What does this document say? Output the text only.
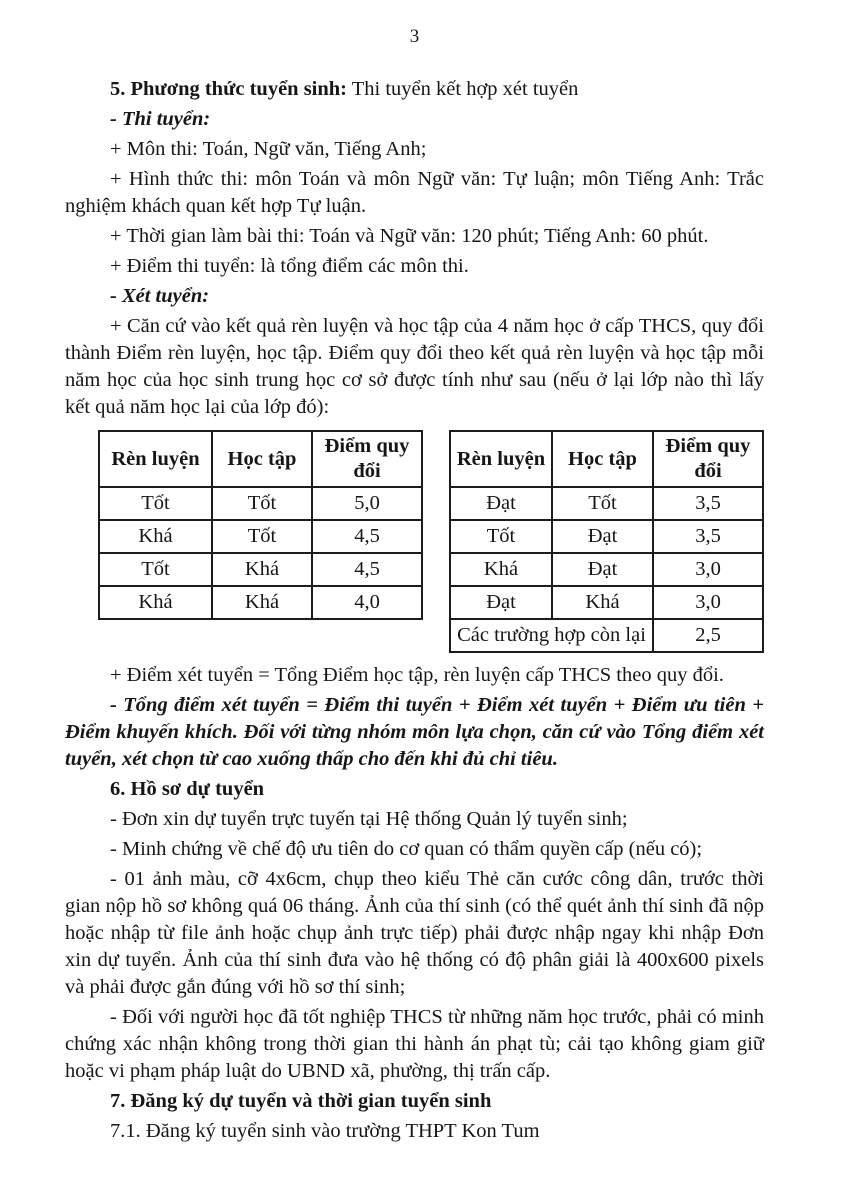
3

5. Phương thức tuyển sinh: Thi tuyển kết hợp xét tuyển

- Thi tuyển:

+ Môn thi: Toán, Ngữ văn, Tiếng Anh;

+ Hình thức thi: môn Toán và môn Ngữ văn: Tự luận; môn Tiếng Anh: Trắc nghiệm khách quan kết hợp Tự luận.

+ Thời gian làm bài thi: Toán và Ngữ văn: 120 phút; Tiếng Anh: 60 phút.

+ Điểm thi tuyển: là tổng điểm các môn thi.

- Xét tuyển:

+ Căn cứ vào kết quả rèn luyện và học tập của 4 năm học ở cấp THCS, quy đổi thành Điểm rèn luyện, học tập. Điểm quy đổi theo kết quả rèn luyện và học tập mỗi năm học của học sinh trung học cơ sở được tính như sau (nếu ở lại lớp nào thì lấy kết quả năm học lại của lớp đó):

Rèn luyện	Học tập	Điểm quy đổi
Tốt	Tốt	5,0
Khá	Tốt	4,5
Tốt	Khá	4,5
Khá	Khá	4,0
Rèn luyện	Học tập	Điểm quy đổi
Đạt	Tốt	3,5
Tốt	Đạt	3,5
Khá	Đạt	3,0
Đạt	Khá	3,0
Các trường hợp còn lại		2,5

+ Điểm xét tuyển = Tổng Điểm học tập, rèn luyện cấp THCS theo quy đổi.

- Tổng điểm xét tuyển = Điểm thi tuyển + Điểm xét tuyển + Điểm ưu tiên + Điểm khuyến khích. Đối với từng nhóm môn lựa chọn, căn cứ vào Tổng điểm xét tuyển, xét chọn từ cao xuống thấp cho đến khi đủ chỉ tiêu.

6. Hồ sơ dự tuyển

- Đơn xin dự tuyển trực tuyến tại Hệ thống Quản lý tuyển sinh;

- Minh chứng về chế độ ưu tiên do cơ quan có thẩm quyền cấp (nếu có);

- 01 ảnh màu, cỡ 4x6cm, chụp theo kiểu Thẻ căn cước công dân, trước thời gian nộp hồ sơ không quá 06 tháng. Ảnh của thí sinh (có thể quét ảnh thí sinh đã nộp hoặc nhập từ file ảnh hoặc chụp ảnh trực tiếp) phải được nhập ngay khi nhập Đơn xin dự tuyển. Ảnh của thí sinh đưa vào hệ thống có độ phân giải là 400x600 pixels và phải được gắn đúng với hồ sơ thí sinh;

- Đối với người học đã tốt nghiệp THCS từ những năm học trước, phải có minh chứng xác nhận không trong thời gian thi hành án phạt tù; cải tạo không giam giữ hoặc vi phạm pháp luật do UBND xã, phường, thị trấn cấp.

7. Đăng ký dự tuyển và thời gian tuyển sinh

7.1. Đăng ký tuyển sinh vào trường THPT Kon Tum
